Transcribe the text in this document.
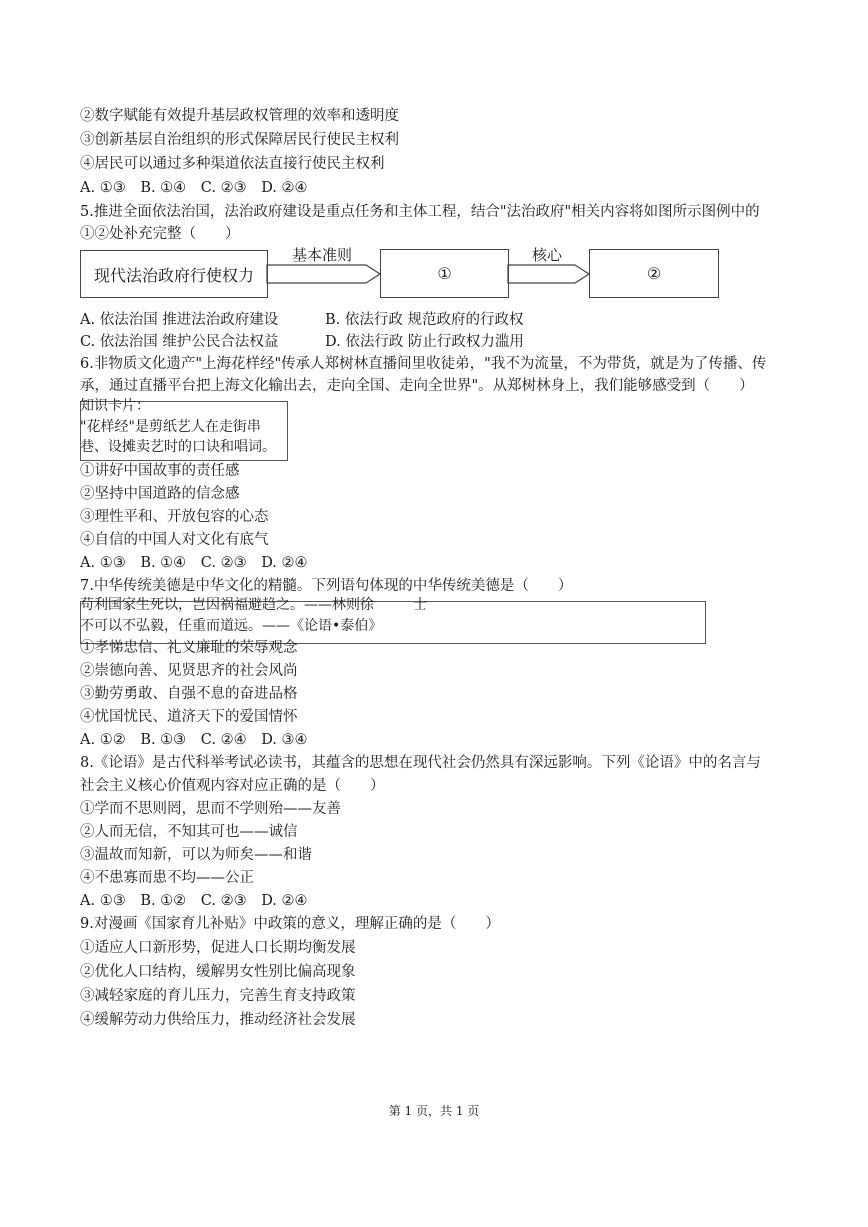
②数字赋能有效提升基层政权管理的效率和透明度
③创新基层自治组织的形式保障居民行使民主权利
④居民可以通过多种渠道依法直接行使民主权利
A. ①③ B. ①④ C. ②③ D. ②④
5.推进全面依法治国，法治政府建设是重点任务和主体工程，结合"法治政府"相关内容将如图所示图例中的
①②处补充完整（　　）
现代法治政府行使权力	①	②
基本准则	核心
A. 依法治国 推进法治政府建设	B. 依法行政 规范政府的行政权
C. 依法治国 维护公民合法权益	D. 依法行政 防止行政权力滥用
6.非物质文化遗产"上海花样经"传承人郑树林直播间里收徒弟，"我不为流量，不为带货，就是为了传播、传
承，通过直播平台把上海文化输出去，走向全国、走向全世界"。从郑树林身上，我们能够感受到（　　）
知识卡片：
"花样经"是剪纸艺人在走街串
巷、设摊卖艺时的口诀和唱词。
①讲好中国故事的责任感
②坚持中国道路的信念感
③理性平和、开放包容的心态
④自信的中国人对文化有底气
A. ①③ B. ①④ C. ②③ D. ②④
7.中华传统美德是中华文化的精髓。下列语句体现的中华传统美德是（　　）
苟利国家生死以，岂因祸福避趋之。——林则徐	士
不可以不弘毅，任重而道远。——《论语•泰伯》
①孝悌忠信、礼义廉耻的荣辱观念
②崇德向善、见贤思齐的社会风尚
③勤劳勇敢、自强不息的奋进品格
④忧国忧民、道济天下的爱国情怀
A. ①② B. ①③ C. ②④ D. ③④
8.《论语》是古代科举考试必读书，其蕴含的思想在现代社会仍然具有深远影响。下列《论语》中的名言与
社会主义核心价值观内容对应正确的是（　　）
①学而不思则罔，思而不学则殆——友善
②人而无信，不知其可也——诚信
③温故而知新，可以为师矣——和谐
④不患寡而患不均——公正
A. ①③ B. ①② C. ②③ D. ②④
9.对漫画《国家育儿补贴》中政策的意义，理解正确的是（　　）
①适应人口新形势，促进人口长期均衡发展
②优化人口结构，缓解男女性别比偏高现象
③减轻家庭的育儿压力，完善生育支持政策
④缓解劳动力供给压力，推动经济社会发展
第 1 页，共 1 页
